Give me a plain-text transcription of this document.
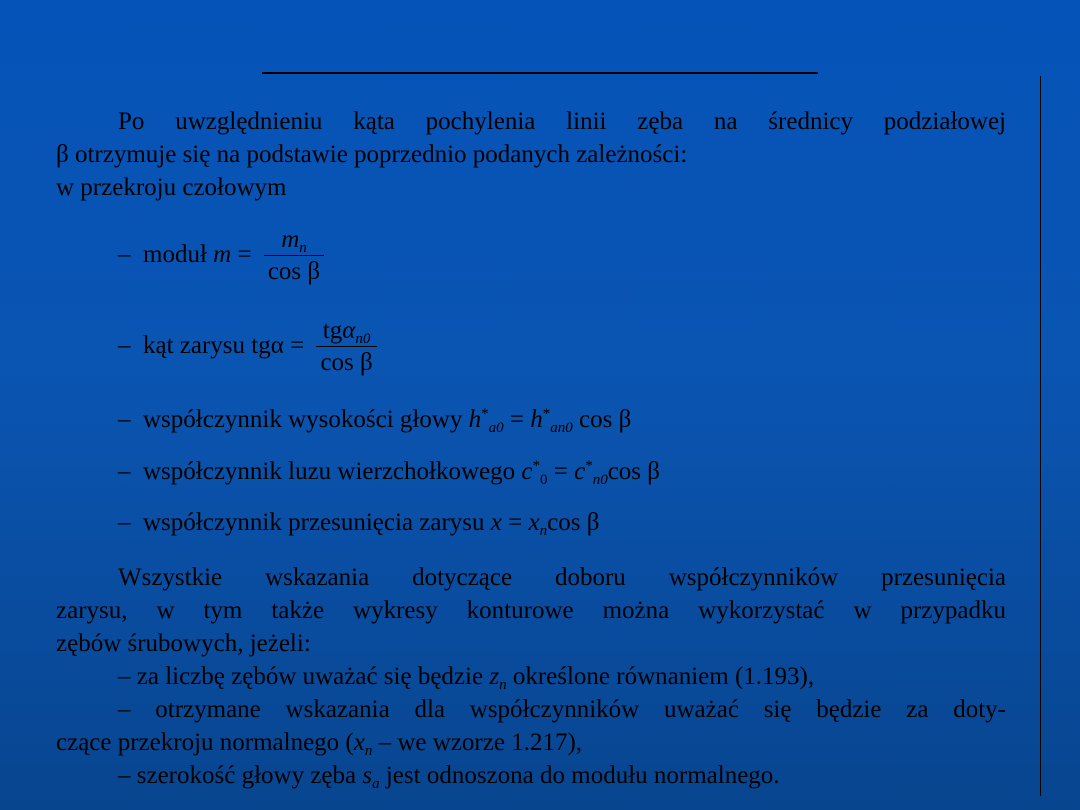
Po uwzględnieniu kąta pochylenia linii zęba na średnicy podziałowej
β otrzymuje się na podstawie poprzednio podanych zależności:
w przekroju czołowym
– moduł $m = \frac{m_n}{\text{cos β}}$
– kąt zarysu $tg\alpha = \frac{tg\alpha_{n0}}{\text{cos β}}$
– współczynnik wysokości głowy $h^*_{a0} = h^*_{an0}$ cos β
– współczynnik luzu wierzchołkowego $c^*_0 = c^*_{n0}\cos$ β
– współczynnik przesunięcia zarysu $x = x_n\cos$ β
Wszystkie wskazania dotyczące doboru współczynników przesunięcia
zarysu, w tym także wykresy konturowe można wykorzystać w przypadku
zębów śrubowych, jeżeli:
– za liczbę zębów uważać się będzie $z_n$ określone równaniem (1.193),
– otrzymane wskazania dla współczynników uważać się będzie za doty-
czące przekroju normalnego ($x_n$ – we wzorze 1.217),
– szerokość głowy zęba $s_a$ jest odnoszona do modułu normalnego.
